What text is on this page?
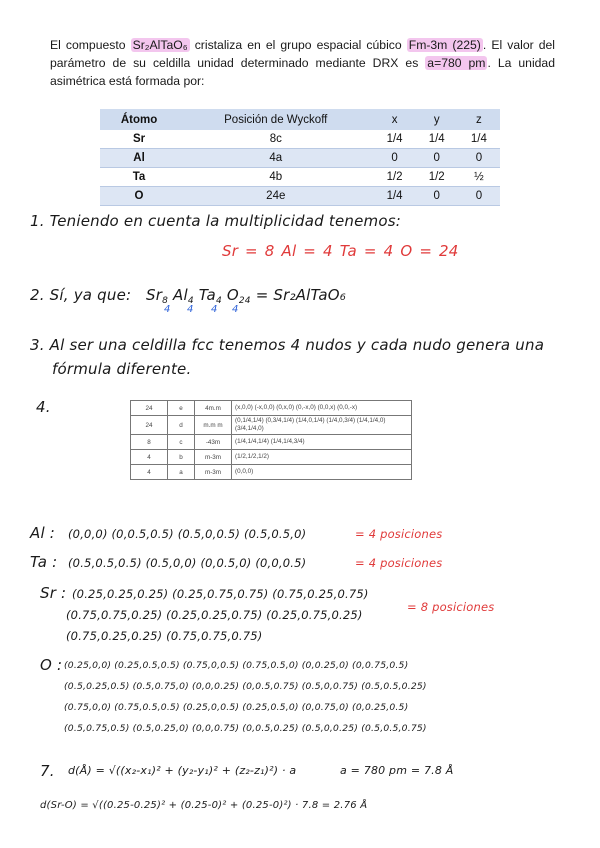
El compuesto Sr₂AlTaO₆ cristaliza en el grupo espacial cúbico Fm-3m (225) . El valor del parámetro de su celdilla unidad determinado mediante DRX es a=780 pm . La unidad asimétrica está formada por:
Átomo	Posición de Wyckoff	x	y	z
Sr	8c	1/4	1/4	1/4
Al	4a	0	0	0
Ta	4b	1/2	1/2	½
O	24e	1/4	0	0
1. Teniendo en cuenta la multiplicidad tenemos:
Sr = 8 Al = 4 Ta = 4 O = 24
2. Sí, ya que: $Sr_8$ $Al_4$ $Ta_4$ $O_{24}$ = Sr₂AlTaO₆
4 4 4 4
3. Al ser una celdilla fcc tenemos 4 nudos y cada nudo genera una
fórmula diferente.
4.	24	e	4m.m	(x,0,0) (-x,0,0) (0,x,0) (0,-x,0) (0,0,x) (0,0,-x)
24	d	m.m m	(0,1/4,1/4) (0,3/4,1/4) (1/4,0,1/4) (1/4,0,3/4) (1/4,1/4,0) (3/4,1/4,0)
8	c	-43m	(1/4,1/4,1/4) (1/4,1/4,3/4)
4	b	m-3m	(1/2,1/2,1/2)
4	a	m-3m	(0,0,0)
Al : (0,0,0) (0,0.5,0.5) (0.5,0,0.5) (0.5,0.5,0)	= 4 posiciones
Ta : (0.5,0.5,0.5) (0.5,0,0) (0,0.5,0) (0,0,0.5)	= 4 posiciones
Sr : (0.25,0.25,0.25) (0.25,0.75,0.75) (0.75,0.25,0.75)
(0.75,0.75,0.25) (0.25,0.25,0.75) (0.25,0.75,0.25)
(0.75,0.25,0.25) (0.75,0.75,0.75)
= 8 posiciones
O : (0.25,0,0) (0.25,0.5,0.5) (0.75,0,0.5) (0.75,0.5,0) (0,0.25,0) (0,0.75,0.5)
(0.5,0.25,0.5) (0.5,0.75,0) (0,0,0.25) (0,0.5,0.75) (0.5,0,0.75) (0.5,0.5,0.25)
(0.75,0,0) (0.75,0.5,0.5) (0.25,0,0.5) (0.25,0.5,0) (0,0.75,0) (0,0.25,0.5)
(0.5,0.75,0.5) (0.5,0.25,0) (0,0,0.75) (0,0.5,0.25) (0.5,0,0.25) (0.5,0.5,0.75)
7. d(Å) = √((x₂-x₁)² + (y₂-y₁)² + (z₂-z₁)²) · a	a = 780 pm = 7.8 Å
d(Sr-O) = √((0.25-0.25)² + (0.25-0)² + (0.25-0)²) · 7.8 = 2.76 Å
